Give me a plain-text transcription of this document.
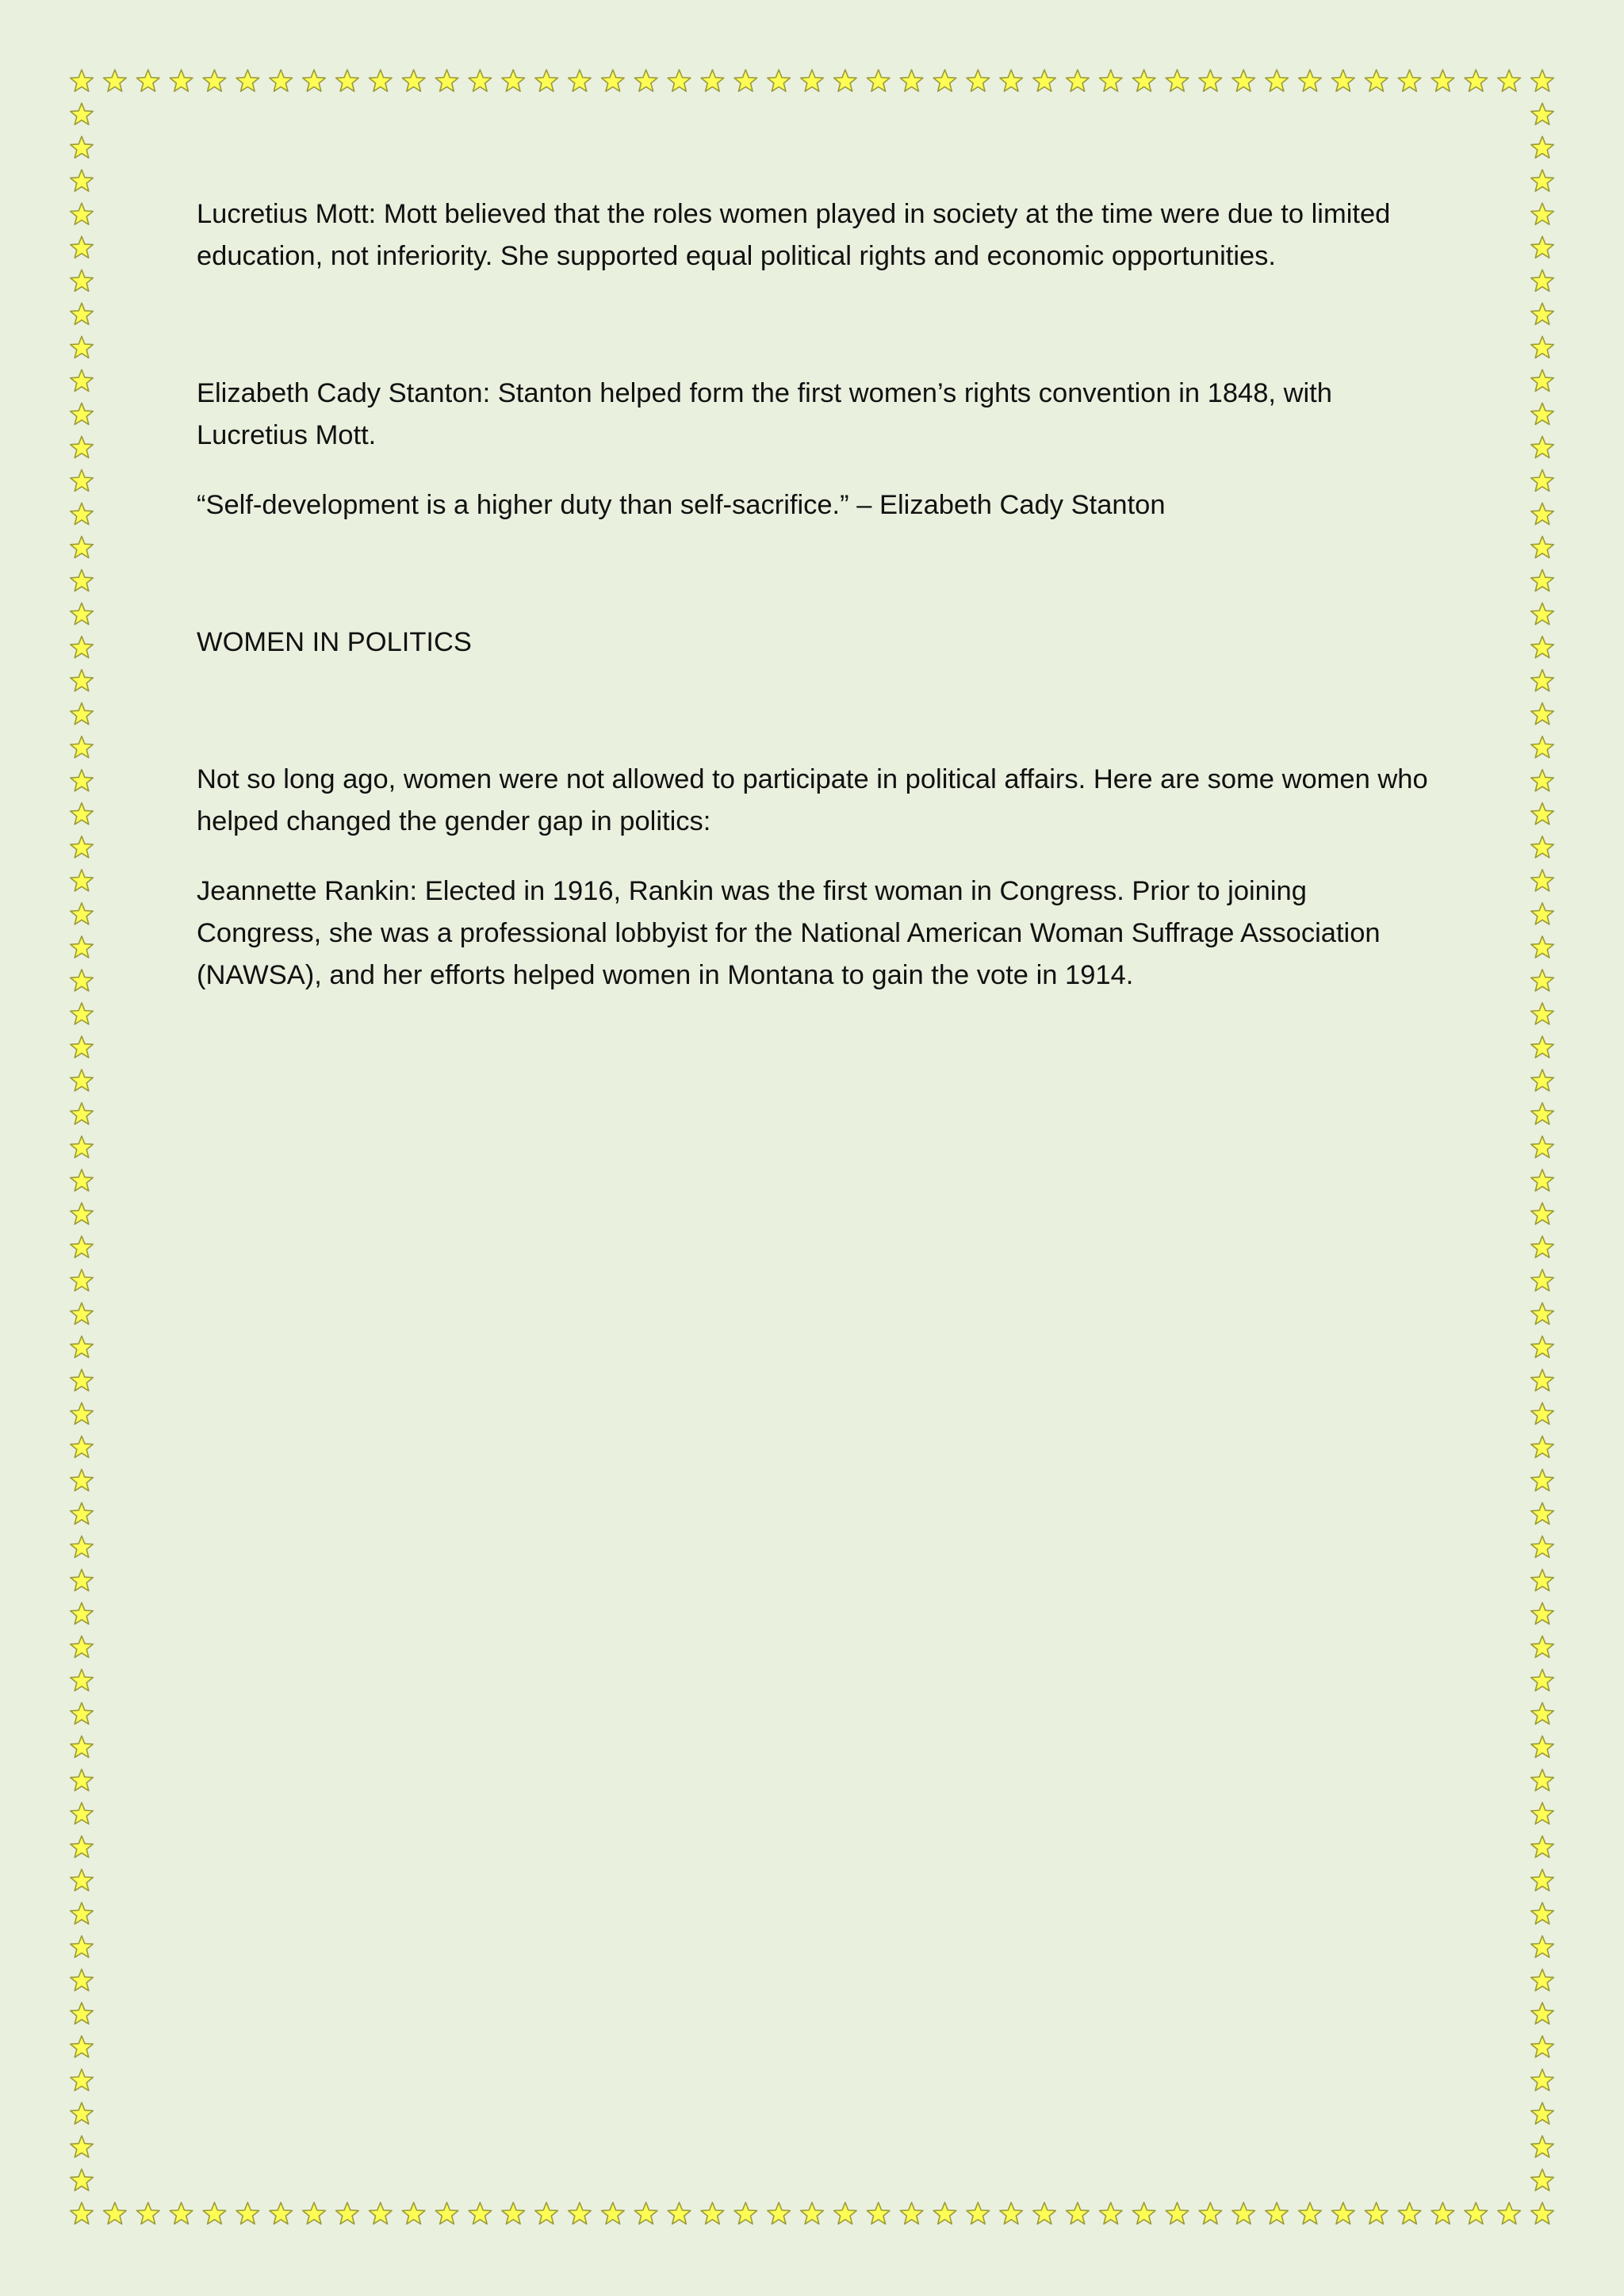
Lucretius Mott: Mott believed that the roles women played in society at the time were due to limited education, not inferiority. She supported equal political rights and economic opportunities.

Elizabeth Cady Stanton: Stanton helped form the first women’s rights convention in 1848, with Lucretius Mott.

“Self-development is a higher duty than self-sacrifice.” – Elizabeth Cady Stanton

WOMEN IN POLITICS

Not so long ago, women were not allowed to participate in political affairs. Here are some women who helped changed the gender gap in politics:

Jeannette Rankin: Elected in 1916, Rankin was the first woman in Congress. Prior to joining Congress, she was a professional lobbyist for the National American Woman Suffrage Association (NAWSA), and her efforts helped women in Montana to gain the vote in 1914.
